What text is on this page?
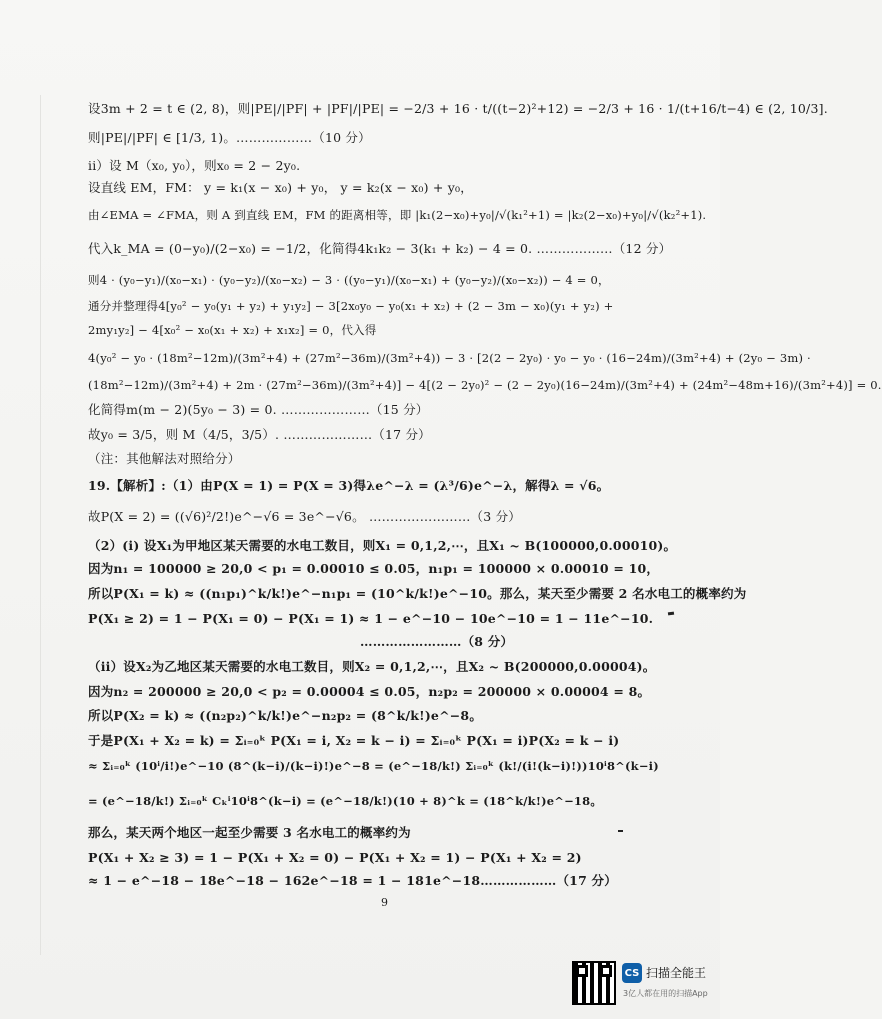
设3m + 2 = t ∈ (2, 8)，则|PE|/|PF| + |PF|/|PE| = −2/3 + 16 · t/((t−2)²+12) = −2/3 + 16 · 1/(t+16/t−4) ∈ (2, 10/3].
则|PE|/|PF| ∈ [1/3, 1)。………………（10 分）
ii）设 M（x₀, y₀），则x₀ = 2 − 2y₀.
设直线 EM，FM： y = k₁(x − x₀) + y₀， y = k₂(x − x₀) + y₀，
由∠EMA = ∠FMA，则 A 到直线 EM，FM 的距离相等，即 |k₁(2−x₀)+y₀|/√(k₁²+1) = |k₂(2−x₀)+y₀|/√(k₂²+1).
代入k_MA = (0−y₀)/(2−x₀) = −1/2，化简得4k₁k₂ − 3(k₁ + k₂) − 4 = 0. ………………（12 分）
则4 · (y₀−y₁)/(x₀−x₁) · (y₀−y₂)/(x₀−x₂) − 3 · ((y₀−y₁)/(x₀−x₁) + (y₀−y₂)/(x₀−x₂)) − 4 = 0，
通分并整理得4[y₀² − y₀(y₁ + y₂) + y₁y₂] − 3[2x₀y₀ − y₀(x₁ + x₂) + (2 − 3m − x₀)(y₁ + y₂) +
2my₁y₂] − 4[x₀² − x₀(x₁ + x₂) + x₁x₂] = 0，代入得
4(y₀² − y₀ · (18m²−12m)/(3m²+4) + (27m²−36m)/(3m²+4)) − 3 · [2(2 − 2y₀) · y₀ − y₀ · (16−24m)/(3m²+4) + (2y₀ − 3m) ·
(18m²−12m)/(3m²+4) + 2m · (27m²−36m)/(3m²+4)] − 4[(2 − 2y₀)² − (2 − 2y₀)(16−24m)/(3m²+4) + (24m²−48m+16)/(3m²+4)] = 0.
化简得m(m − 2)(5y₀ − 3) = 0. …………………（15 分）
故y₀ = 3/5，则 M（4/5，3/5）. …………………（17 分）
（注：其他解法对照给分）
19.【解析】:（1）由P(X = 1) = P(X = 3)得λe^−λ = (λ³/6)e^−λ，解得λ = √6。
故P(X = 2) = ((√6)²/2!)e^−√6 = 3e^−√6。 ……………………（3 分）
（2）(i) 设X₁为甲地区某天需要的水电工数目，则X₁ = 0,1,2,⋯，且X₁ ~ B(100000,0.00010)。
因为n₁ = 100000 ≥ 20,0 < p₁ = 0.00010 ≤ 0.05，n₁p₁ = 100000 × 0.00010 = 10，
所以P(X₁ = k) ≈ ((n₁p₁)^k/k!)e^−n₁p₁ = (10^k/k!)e^−10。那么，某天至少需要 2 名水电工的概率约为
P(X₁ ≥ 2) = 1 − P(X₁ = 0) − P(X₁ = 1) ≈ 1 − e^−10 − 10e^−10 = 1 − 11e^−10.
……………………（8 分）
（ii）设X₂为乙地区某天需要的水电工数目，则X₂ = 0,1,2,⋯，且X₂ ~ B(200000,0.00004)。
因为n₂ = 200000 ≥ 20,0 < p₂ = 0.00004 ≤ 0.05，n₂p₂ = 200000 × 0.00004 = 8。
所以P(X₂ = k) ≈ ((n₂p₂)^k/k!)e^−n₂p₂ = (8^k/k!)e^−8。
于是P(X₁ + X₂ = k) = Σᵢ₌₀ᵏ P(X₁ = i, X₂ = k − i) = Σᵢ₌₀ᵏ P(X₁ = i)P(X₂ = k − i)
≈ Σᵢ₌₀ᵏ (10ⁱ/i!)e^−10 (8^(k−i)/(k−i)!)e^−8 = (e^−18/k!) Σᵢ₌₀ᵏ (k!/(i!(k−i)!))10ⁱ8^(k−i)
= (e^−18/k!) Σᵢ₌₀ᵏ Cₖⁱ10ⁱ8^(k−i) = (e^−18/k!)(10 + 8)^k = (18^k/k!)e^−18。
那么，某天两个地区一起至少需要 3 名水电工的概率约为
P(X₁ + X₂ ≥ 3) = 1 − P(X₁ + X₂ = 0) − P(X₁ + X₂ = 1) − P(X₁ + X₂ = 2)
≈ 1 − e^−18 − 18e^−18 − 162e^−18 = 1 − 181e^−18………………（17 分）
9
CS 扫描全能王
3亿人都在用的扫描App
